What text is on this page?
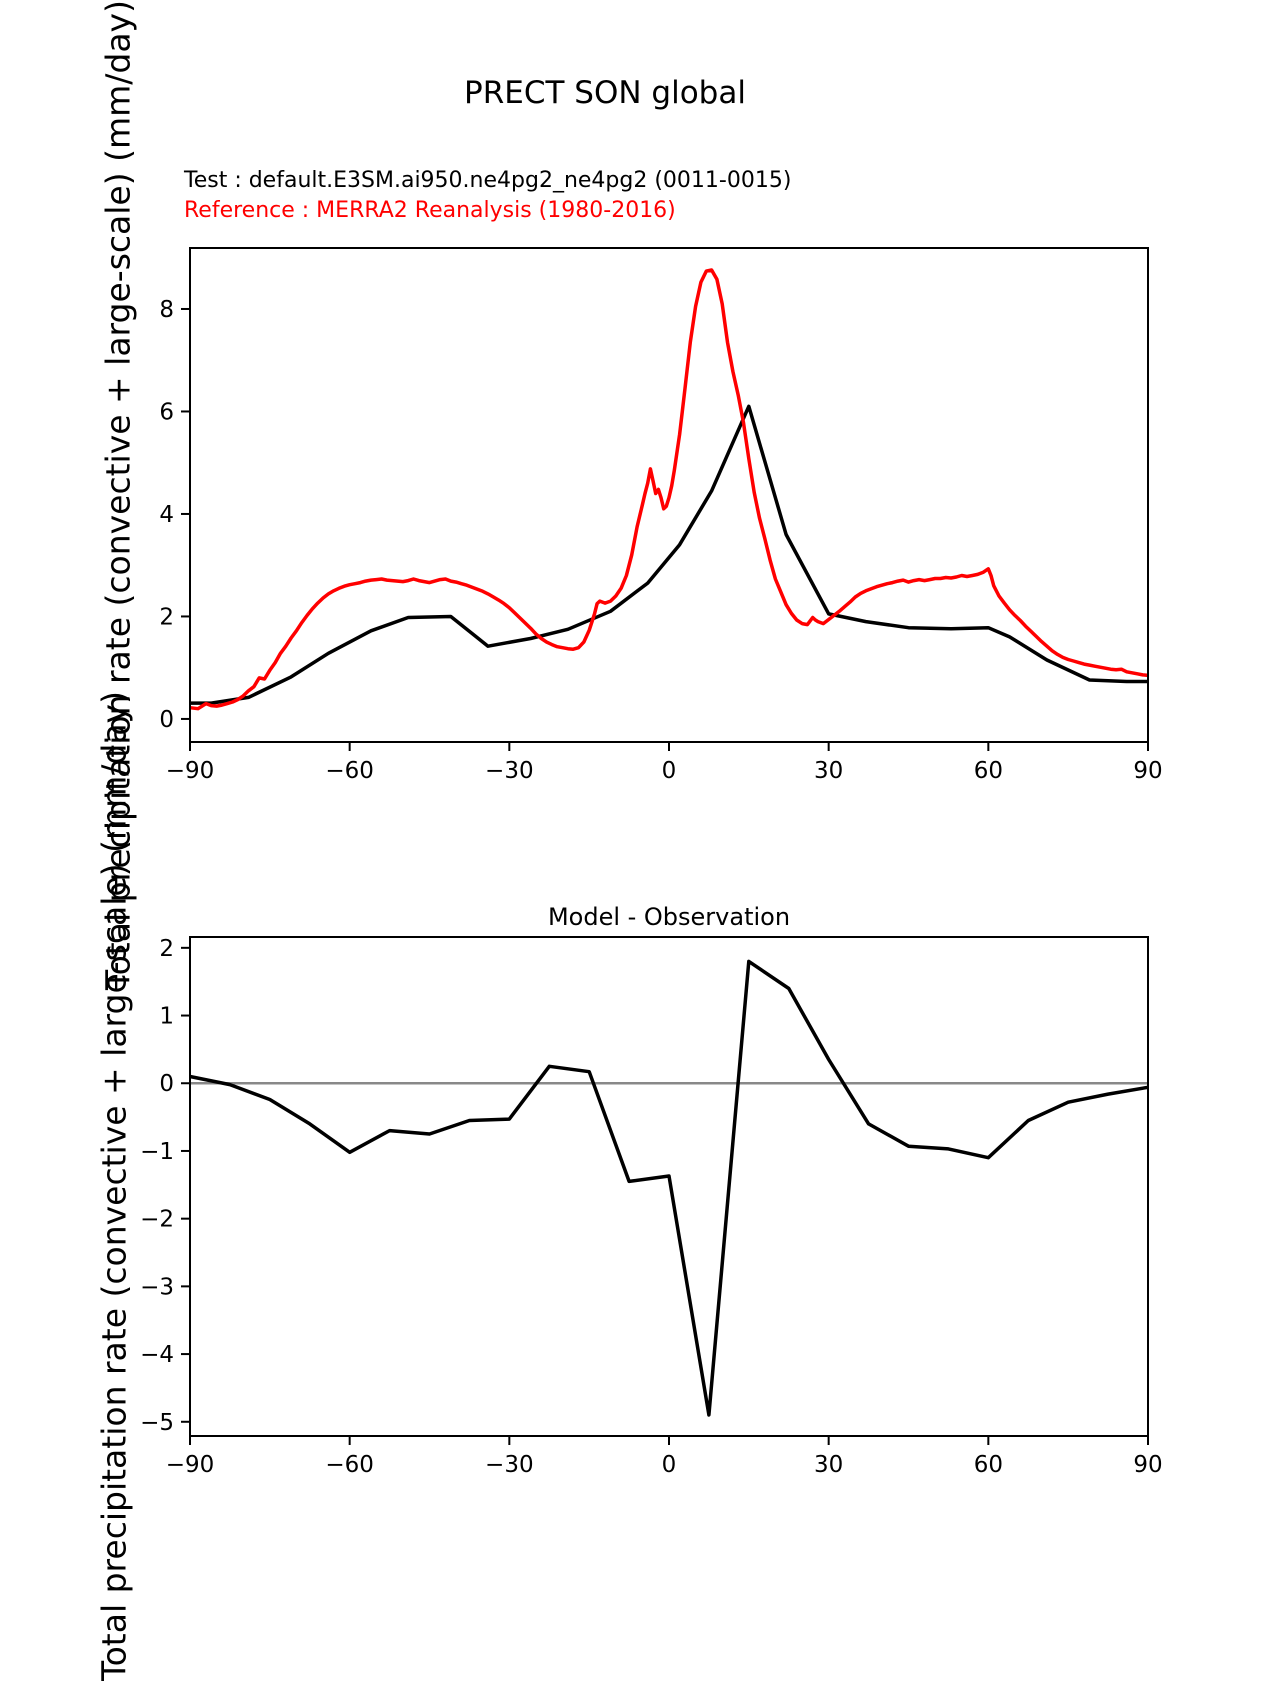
PRECT SON global
Test : default.E3SM.ai950.ne4pg2_ne4pg2 (0011-0015)
Reference : MERRA2 Reanalysis (1980-2016)
Total precipitation rate (convective + large-scale) (mm/day)
Total precipitation rate (convective + large-scale) (mm/day)	Model - Observation
−90	−60	−30	0	30	60	90
0
2
4
6
8
−90	−60	−30	0	30	60	90
2
1
0
−1
−2
−3
−4
−5
